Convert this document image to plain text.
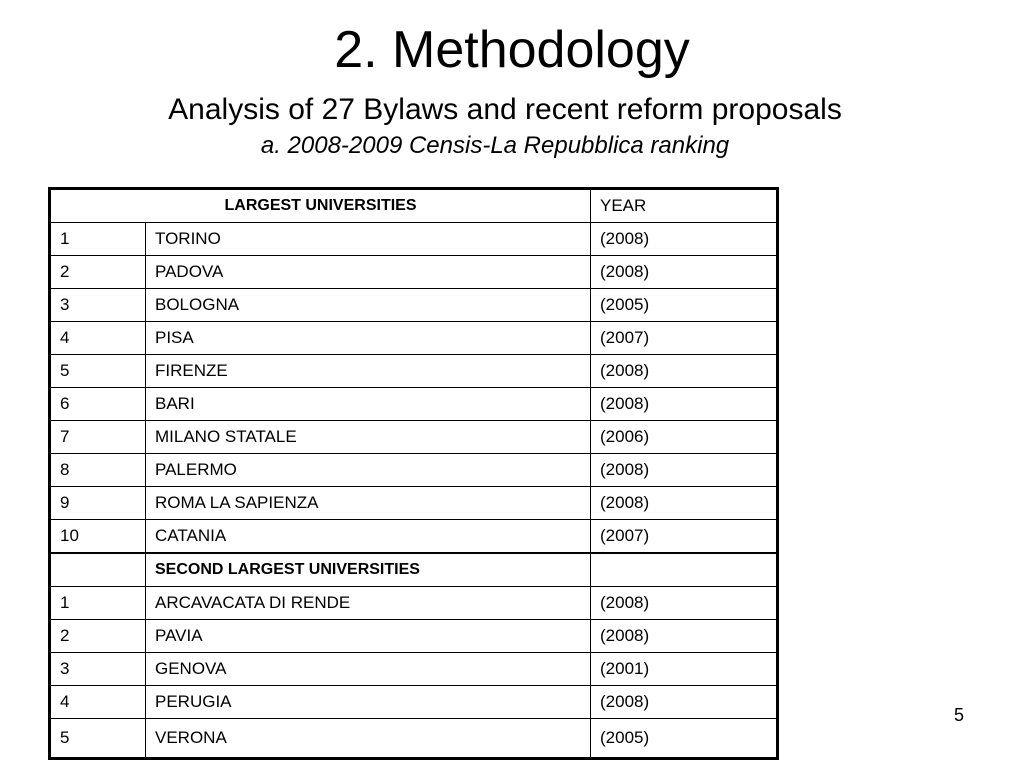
2. Methodology
Analysis of 27 Bylaws and recent reform proposals
a. 2008-2009 Censis-La Repubblica ranking
LARGEST UNIVERSITIES		YEAR
1	TORINO	(2008)
2	PADOVA	(2008)
3	BOLOGNA	(2005)
4	PISA	(2007)
5	FIRENZE	(2008)
6	BARI	(2008)
7	MILANO STATALE	(2006)
8	PALERMO	(2008)
9	ROMA LA SAPIENZA	(2008)
10	CATANIA	(2007)
	SECOND LARGEST UNIVERSITIES	
1	ARCAVACATA DI RENDE	(2008)
2	PAVIA	(2008)
3	GENOVA	(2001)
4	PERUGIA	(2008)
5	VERONA	(2005)
5
